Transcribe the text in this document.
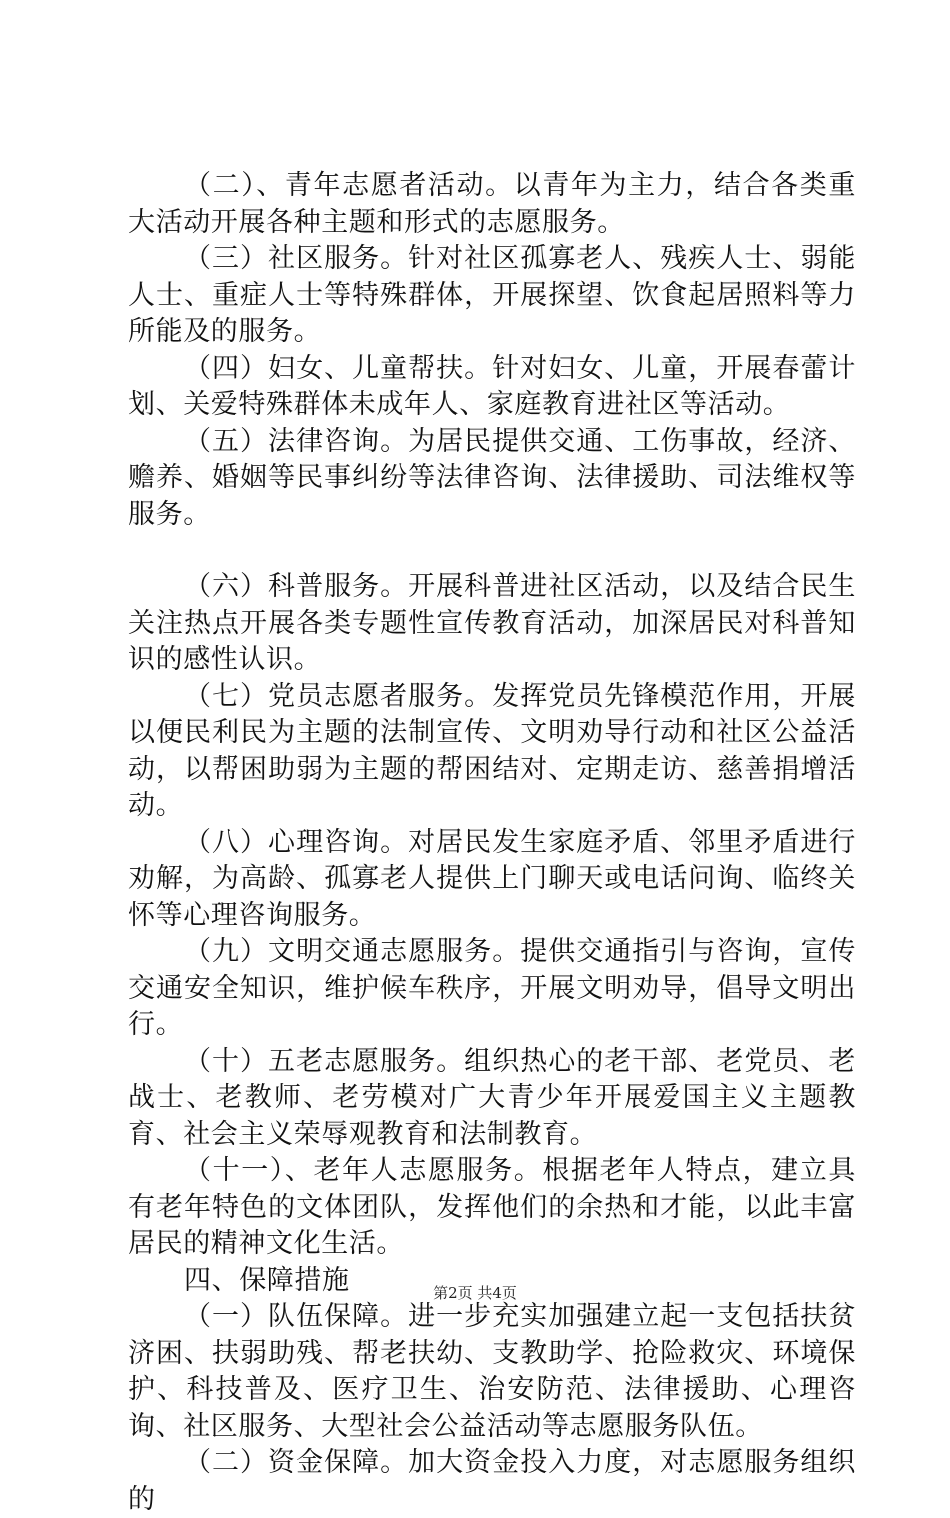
（二）、青年志愿者活动。以青年为主力，结合各类重大活动开展各种主题和形式的志愿服务。

（三）社区服务。针对社区孤寡老人、残疾人士、弱能人士、重症人士等特殊群体，开展探望、饮食起居照料等力所能及的服务。

（四）妇女、儿童帮扶。针对妇女、儿童，开展春蕾计划、关爱特殊群体未成年人、家庭教育进社区等活动。

（五）法律咨询。为居民提供交通、工伤事故，经济、赡养、婚姻等民事纠纷等法律咨询、法律援助、司法维权等服务。

（六）科普服务。开展科普进社区活动，以及结合民生关注热点开展各类专题性宣传教育活动，加深居民对科普知识的感性认识。

（七）党员志愿者服务。发挥党员先锋模范作用，开展以便民利民为主题的法制宣传、文明劝导行动和社区公益活动，以帮困助弱为主题的帮困结对、定期走访、慈善捐增活动。

（八）心理咨询。对居民发生家庭矛盾、邻里矛盾进行劝解，为高龄、孤寡老人提供上门聊天或电话问询、临终关怀等心理咨询服务。

（九）文明交通志愿服务。提供交通指引与咨询，宣传交通安全知识，维护候车秩序，开展文明劝导，倡导文明出行。

（十）五老志愿服务。组织热心的老干部、老党员、老战士、老教师、老劳模对广大青少年开展爱国主义主题教育、社会主义荣辱观教育和法制教育。

（十一）、老年人志愿服务。根据老年人特点，建立具有老年特色的文体团队，发挥他们的余热和才能，以此丰富居民的精神文化生活。

四、保障措施

（一）队伍保障。进一步充实加强建立起一支包括扶贫济困、扶弱助残、帮老扶幼、支教助学、抢险救灾、环境保护、科技普及、医疗卫生、治安防范、法律援助、心理咨询、社区服务、大型社会公益活动等志愿服务队伍。

（二）资金保障。加大资金投入力度，对志愿服务组织的

第2页 共4页
